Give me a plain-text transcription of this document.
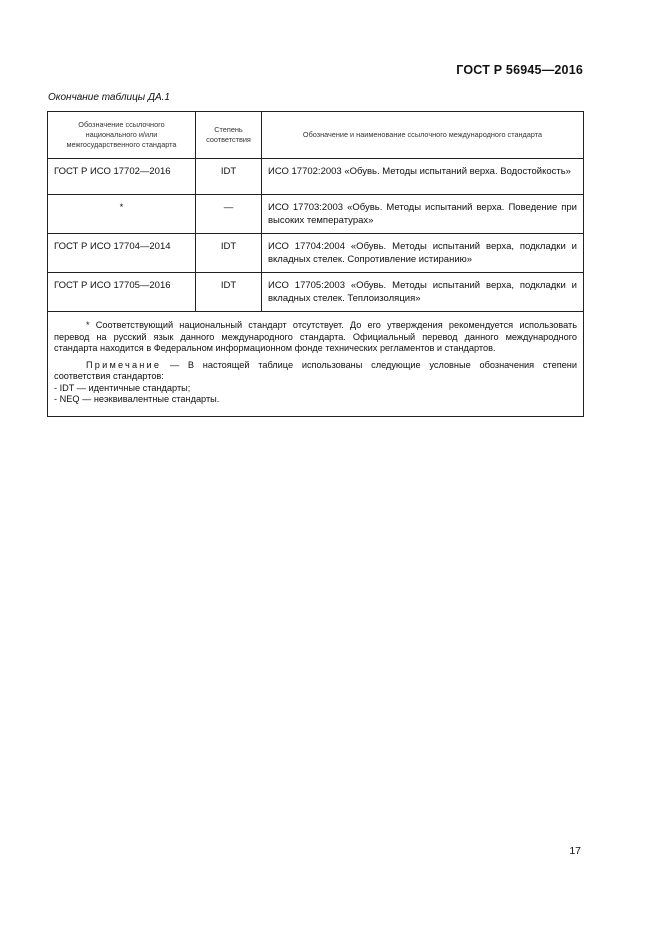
ГОСТ Р 56945—2016
Окончание таблицы ДА.1
Обозначение ссылочного национального и/или межгосударственного стандарта	Степень соответствия	Обозначение и наименование ссылочного международного стандарта
ГОСТ Р ИСО 17702—2016	IDT	ИСО 17702:2003 «Обувь. Методы испытаний верха. Водостойкость»
*	—	ИСО 17703:2003 «Обувь. Методы испытаний верха. Поведение при высоких температурах»
ГОСТ Р ИСО 17704—2014	IDT	ИСО 17704:2004 «Обувь. Методы испытаний верха, подкладки и вкладных стелек. Сопротивление истиранию»
ГОСТ Р ИСО 17705—2016	IDT	ИСО 17705:2003 «Обувь. Методы испытаний верха, подкладки и вкладных стелек. Теплоизоляция»

* Соответствующий национальный стандарт отсутствует. До его утверждения рекомендуется использовать перевод на русский язык данного международного стандарта. Официальный перевод данного международного стандарта находится в Федеральном информационном фонде технических регламентов и стандартов.

Примечание — В настоящей таблице использованы следующие условные обозначения степени соответствия стандартов:

- IDT — идентичные стандарты;

- NEQ — неэквивалентные стандарты.		

17
